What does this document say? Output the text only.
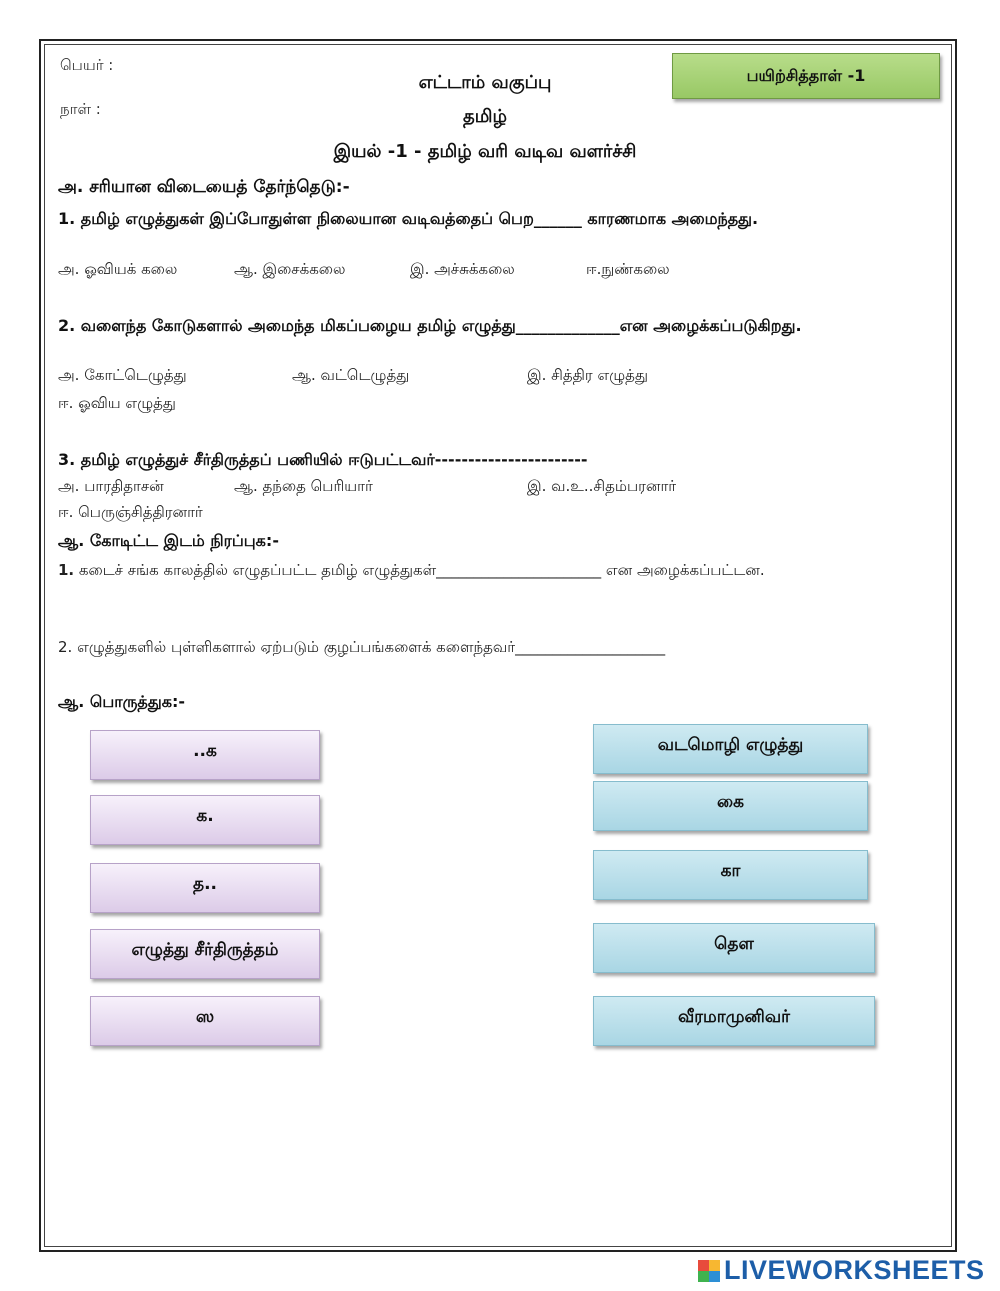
பெயர் :
நாள் :
எட்டாம் வகுப்பு
தமிழ்
இயல் -1 - தமிழ் வரி வடிவ வளர்ச்சி
பயிற்சித்தாள் -1
அ. சரியான விடையைத் தேர்ந்தெடு:-
1. தமிழ் எழுத்துகள் இப்போதுள்ள நிலையான வடிவத்தைப் பெற______ காரணமாக அமைந்தது.
அ. ஓவியக் கலை	ஆ. இசைக்கலை	இ. அச்சுக்கலை	ஈ.நுண்கலை
2. வளைந்த கோடுகளால் அமைந்த மிகப்பழைய தமிழ் எழுத்து_____________என அழைக்கப்படுகிறது.
அ. கோட்டெழுத்து	ஆ. வட்டெழுத்து	இ. சித்திர எழுத்து
ஈ. ஓவிய எழுத்து
3. தமிழ் எழுத்துச் சீர்திருத்தப் பணியில் ஈடுபட்டவர்-----------------------
அ. பாரதிதாசன்	ஆ. தந்தை பெரியார்	இ. வ.உ..சிதம்பரனார்
ஈ. பெருஞ்சித்திரனார்
ஆ. கோடிட்ட இடம் நிரப்புக:-
1. கடைச் சங்க காலத்தில் எழுதப்பட்ட தமிழ் எழுத்துகள்______________________ என அழைக்கப்பட்டன.
2. எழுத்துகளில் புள்ளிகளால் ஏற்படும் குழப்பங்களைக் களைந்தவர்____________________
ஆ. பொருத்துக:-
..க
க.
த..
எழுத்து சீர்திருத்தம்
ஸ
வடமொழி எழுத்து
கை
கா
தௌ
வீரமாமுனிவர்
LIVEWORKSHEETS
